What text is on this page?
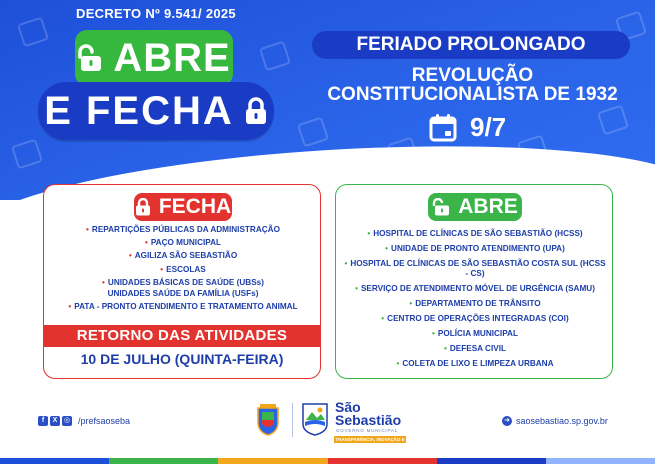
DECRETO Nº 9.541/ 2025
ABRE
E FECHA
FERIADO PROLONGADO
REVOLUÇÃO
CONSTITUCIONALISTA DE 1932
9/7
FECHA
• REPARTIÇÕES PÚBLICAS DA ADMINISTRAÇÃO
• PAÇO MUNICIPAL
• AGILIZA SÃO SEBASTIÃO
• ESCOLAS
• UNIDADES BÁSICAS DE SAÚDE (UBSs)
UNIDADES SAÚDE DA FAMÍLIA (USFs)
• PATA - PRONTO ATENDIMENTO E TRATAMENTO ANIMAL
RETORNO DAS ATIVIDADES
10 DE JULHO (QUINTA-FEIRA)
ABRE
• HOSPITAL DE CLÍNICAS DE SÃO SEBASTIÃO (HCSS)
• UNIDADE DE PRONTO ATENDIMENTO (UPA)
• HOSPITAL DE CLÍNICAS DE SÃO SEBASTIÃO COSTA SUL (HCSS - CS)
• SERVIÇO DE ATENDIMENTO MÓVEL DE URGÊNCIA (SAMU)
• DEPARTAMENTO DE TRÂNSITO
• CENTRO DE OPERAÇÕES INTEGRADAS (COI)
• POLÍCIA MUNICIPAL
• DEFESA CIVIL
• COLETA DE LIXO E LIMPEZA URBANA
f	X ◎ /prefsaoseba
São
Sebastião
GOVERNO MUNICIPAL
TRANSPARÊNCIA, INOVAÇÃO E EFICIÊNCIA
➜ saosebastiao.sp.gov.br
